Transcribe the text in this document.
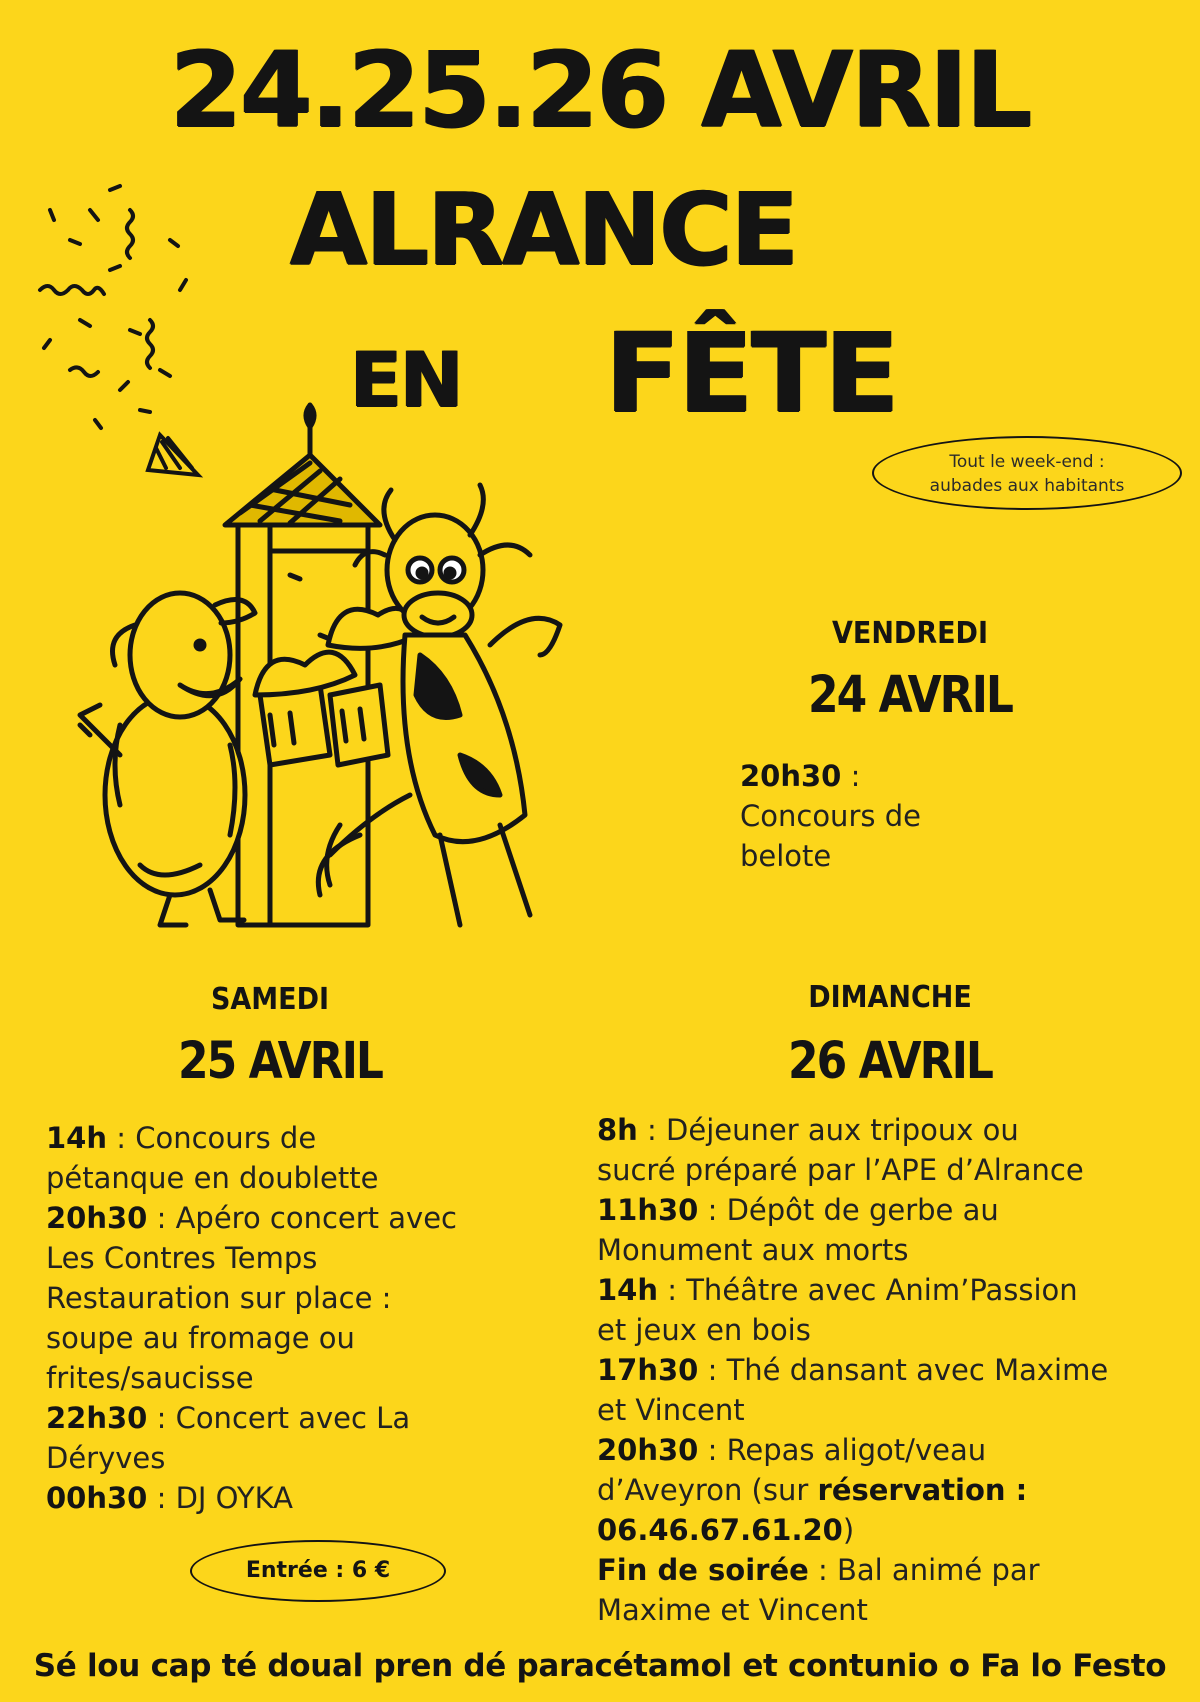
24.25.26 AVRIL
ALRANCE
EN FÊTE
Tout le week-end :
aubades aux habitants
VENDREDI
24 AVRIL
20h30 :
Concours de
belote
SAMEDI
25 AVRIL
14h : Concours de
pétanque en doublette
20h30 : Apéro concert avec
Les Contres Temps
Restauration sur place :
soupe au fromage ou
frites/saucisse
22h30 : Concert avec La
Déryves
00h30 : DJ OYKA
Entrée : 6 €
DIMANCHE
26 AVRIL
8h : Déjeuner aux tripoux ou
sucré préparé par l’APE d’Alrance
11h30 : Dépôt de gerbe au
Monument aux morts
14h : Théâtre avec Anim’Passion
et jeux en bois
17h30 : Thé dansant avec Maxime
et Vincent
20h30 : Repas aligot/veau
d’Aveyron (sur réservation :
06.46.67.61.20)
Fin de soirée : Bal animé par
Maxime et Vincent
Sé lou cap té doual pren dé paracétamol et contunio o Fa lo Festo
